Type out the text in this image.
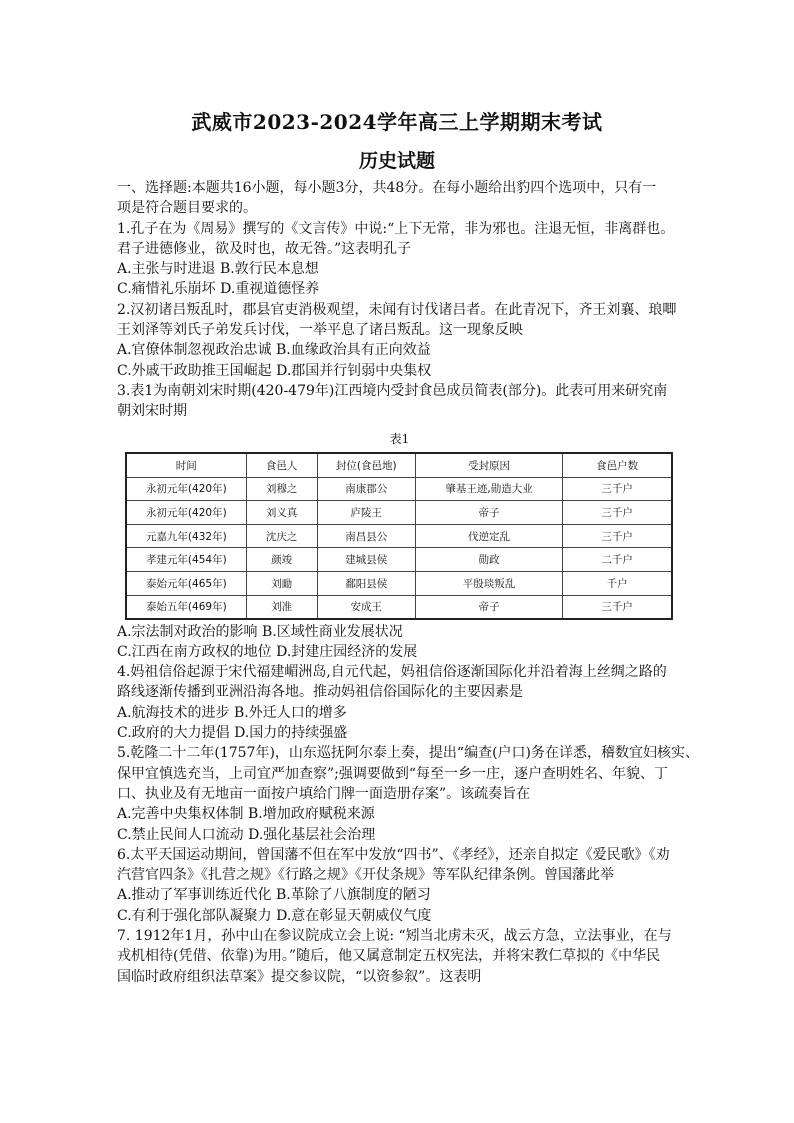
武威市2023-2024学年高三上学期期末考试
历史试题
一、选择题:本题共16小题，每小题3分，共48分。在每小题给出豹四个选项中，只有一
项是符合题目要求的。
1.孔子在为《周易》撰写的《文言传》中说:“上下无常，非为邪也。注退无恒，非离群也。
君子进德修业，欲及时也，故无咎。”这表明孔子
A.主张与时进退 B.敦行民本息想
C.痛惜礼乐崩坏 D.重视道德怪养
2.汉初诸吕叛乱时，郡县官吏消极观望，未闻有讨伐诸吕者。在此青况下，齐王刘襄、琅唧
王刘泽等刘氏子弟发兵讨伐，一举平息了诸吕叛乱。这一现象反映
A.官僚体制忽视政治忠诚 B.血缘政治具有正向效益
C.外戚干政助推王国崛起 D.郡国并行钊弱中央集权
3.表1为南朝刘宋时期(420-479年)江西境内受封食邑成员简表(部分)。此表可用来研究南
朝刘宋时期
表1
时间	食邑人	封位(食邑地)	受封原因	食邑户数
永初元年(420年)	刘穆之	南康郡公	肇基王迹,勋造大业	三千户
永初元年(420年)	刘义真	庐陵王	帝子	三千户
元嘉九年(432年)	沈庆之	南昌县公	伐逆定乱	三千户
孝建元年(454年)	颜竣	建城县侯	勋政	二千户
泰始元年(465年)	刘勔	鄱阳县侯	平殷琰叛乱	千户
泰始五年(469年)	刘准	安成王	帝子	三千户
A.宗法制对政治的影响 B.区域性商业发展状况
C.江西在南方政权的地位 D.封建庄园经济的发展
4.妈祖信俗起源于宋代福建嵋洲岛,自元代起，妈祖信俗逐渐国际化并沿着海上丝绸之路的
路线逐渐传播到亚洲沿海各地。推动妈祖信俗国际化的主要因素是
A.航海技术的进步 B.外迁人口的增多
C.政府的大力提倡 D.国力的持续强盛
5.乾隆二十二年(1757年)，山东巡抚阿尔泰上奏，提出“编查(户口)务在详悉，稽数宜妇核实、
保甲宜慎选充当，上司宜严加查察”;强调要做到“每至一乡一庄，逐户查明姓名、年貌、丁
口、执业及有无地亩一面按户填给门牌一面造册存案”。该疏奏旨在
A.完善中央集权体制 B.增加政府赋税来源
C.禁止民间人口流动 D.强化基层社会治理
6.太平天国运动期间，曾国藩不但在军中发放“四书”、《孝经》，还亲自拟定《爱民歌》《劝
汽营官四条》《扎营之规》《行路之规》《开仗条规》等军队纪律条例。曾国藩此举
A.推动了军事训练近代化 B.革除了八旗制度的陋习
C.有利于强化部队凝聚力 D.意在彰显天朝威仪气度
7. 1912年1月，孙中山在参议院成立会上说: “矧当北虏未灭，战云方急，立法事业，在与
戎机相待(凭借、依靠)为用。”随后，他又属意制定五权宪法，并将宋教仁草拟的《中华民
国临时政府组织法草案》提交参议院，“以资参叙”。这表明
